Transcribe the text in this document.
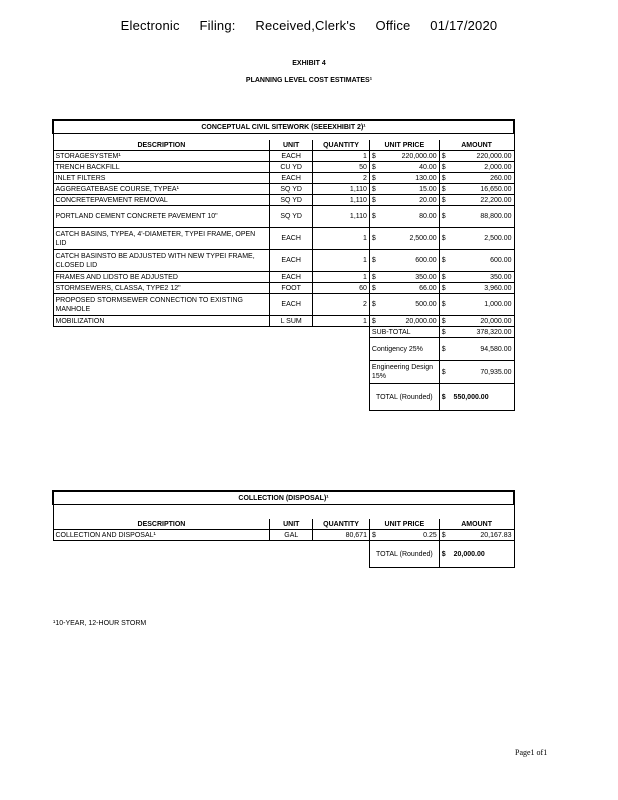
Electronic Filing: Received,Clerk's Office 01/17/2020
EXHIBIT 4
PLANNING LEVEL COST ESTIMATES¹
CONCEPTUAL CIVIL SITEWORK (SEEEXHIBIT 2)¹				

DESCRIPTION	UNIT	QUANTITY	UNIT PRICE	AMOUNT
STORAGESYSTEM¹	EACH	1	$ 220,000.00	$ 220,000.00

TRENCH BACKFILL	CU YD	50	$ 40.00	$ 2,000.00

INLET FILTERS	EACH	2	$ 130.00	$ 260.00

AGGREGATEBASE COURSE, TYPEA¹	SQ YD	1,110	$ 15.00	$ 16,650.00

CONCRETEPAVEMENT REMOVAL	SQ YD	1,110	$ 20.00	$ 22,200.00

PORTLAND CEMENT CONCRETE PAVEMENT 10"	SQ YD	1,110	$ 80.00	$ 88,800.00

CATCH BASINS, TYPEA, 4'-DIAMETER, TYPEI FRAME, OPEN LID	EACH	1	$ 2,500.00	$ 2,500.00

CATCH BASINSTO BE ADJUSTED WITH NEW TYPEI FRAME, CLOSED LID	EACH	1	$ 600.00	$ 600.00

FRAMES AND LIDSTO BE ADJUSTED	EACH	1	$ 350.00	$ 350.00

STORMSEWERS, CLASSA, TYPE2 12"	FOOT	60	$ 66.00	$ 3,960.00

PROPOSED STORMSEWER CONNECTION TO EXISTING MANHOLE	EACH	2	$ 500.00	$ 1,000.00

MOBILIZATION	L SUM	1	$ 20,000.00	$ 20,000.00

			SUB-TOTAL	$ 378,320.00

			Contigency 25%	$ 94,580.00

			Engineering Design 15%	$ 70,935.00

			TOTAL (Rounded)	$ 550,000.00
COLLECTION (DISPOSAL)¹				

DESCRIPTION	UNIT	QUANTITY	UNIT PRICE	AMOUNT
COLLECTION AND DISPOSAL¹	GAL	80,671	$ 0.25	$ 20,167.83

			TOTAL (Rounded)	$ 20,000.00
¹10-YEAR, 12-HOUR STORM
Page1 of1
